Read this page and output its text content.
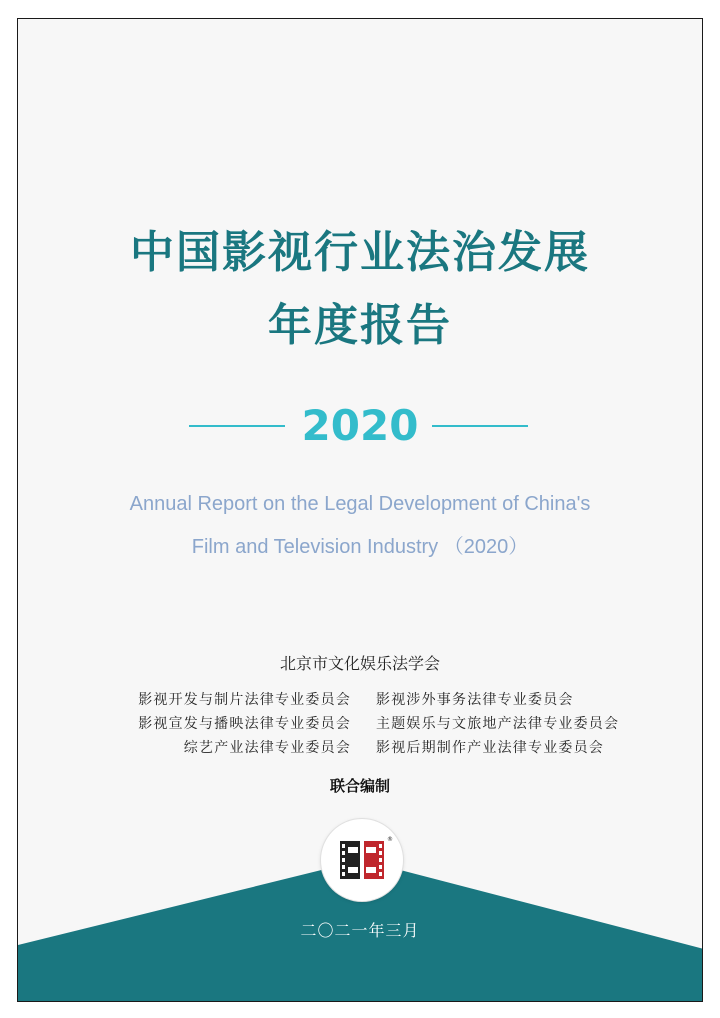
中国影视行业法治发展
年度报告
2020
Annual Report on the Legal Development of China's
Film and Television Industry （2020）
北京市文化娱乐法学会
影视开发与制片法律专业委员会
影视宣发与播映法律专业委员会
综艺产业法律专业委员会
影视涉外事务法律专业委员会
主题娱乐与文旅地产法律专业委员会
影视后期制作产业法律专业委员会
联合编制
®
二〇二一年三月
